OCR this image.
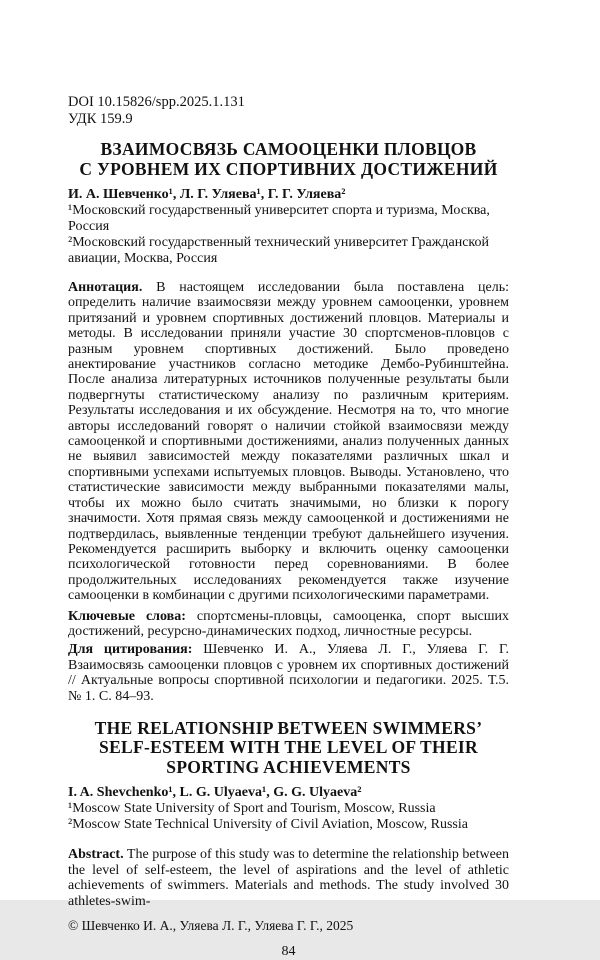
DOI 10.15826/spp.2025.1.131
УДК 159.9
ВЗАИМОСВЯЗЬ САМООЦЕНКИ ПЛОВЦОВ
С УРОВНЕМ ИХ СПОРТИВНИХ ДОСТИЖЕНИЙ
И. А. Шевченко¹, Л. Г. Уляева¹, Г. Г. Уляева²
¹Московский государственный университет спорта и туризма, Москва, Россия
²Московский государственный технический университет Гражданской авиации, Москва, Россия

Аннотация. В настоящем исследовании была поставлена цель: определить наличие взаимосвязи между уровнем самооценки, уровнем притязаний и уровнем спортивных достижений пловцов. Материалы и методы. В исследовании приняли участие 30 спортсменов-пловцов с разным уровнем спортивных достижений. Было проведено анектирование участников согласно методике Дембо-Рубинштейна. После анализа литературных источников полученные результаты были подвергнуты статистическому анализу по различным критериям. Результаты исследования и их обсуждение. Несмотря на то, что многие авторы исследований говорят о наличии стойкой взаимосвязи между самооценкой и спортивными достижениями, анализ полученных данных не выявил зависимостей между показателями различных шкал и спортивными успехами испытуемых пловцов. Выводы. Установлено, что статистические зависимости между выбранными показателями малы, чтобы их можно было считать значимыми, но близки к порогу значимости. Хотя прямая связь между самооценкой и достижениями не подтвердилась, выявленные тенденции требуют дальнейшего изучения. Рекомендуется расширить выборку и включить оценку самооценки психологической готовности перед соревнованиями. В более продолжительных исследованиях рекомендуется также изучение самооценки в комбинации с другими психологическими параметрами.

Ключевые слова: спортсмены-пловцы, самооценка, спорт высших достижений, ресурсно-динамических подход, личностные ресурсы.

Для цитирования: Шевченко И. А., Уляева Л. Г., Уляева Г. Г. Взаимосвязь самооценки пловцов с уровнем их спортивных достижений // Актуальные вопросы спортивной психологии и педагогики. 2025. Т.5. № 1. С. 84–93.

THE RELATIONSHIP BETWEEN SWIMMERS’
SELF-ESTEEM WITH THE LEVEL OF THEIR
SPORTING ACHIEVEMENTS
I. A. Shevchenko¹, L. G. Ulyaeva¹, G. G. Ulyaeva²
¹Moscow State University of Sport and Tourism, Moscow, Russia
²Moscow State Technical University of Civil Aviation, Moscow, Russia

Abstract. The purpose of this study was to determine the relationship between the level of self-esteem, the level of aspirations and the level of athletic achievements of swimmers. Materials and methods. The study involved 30 athletes-swim-

© Шевченко И. А., Уляева Л. Г., Уляева Г. Г., 2025
84
